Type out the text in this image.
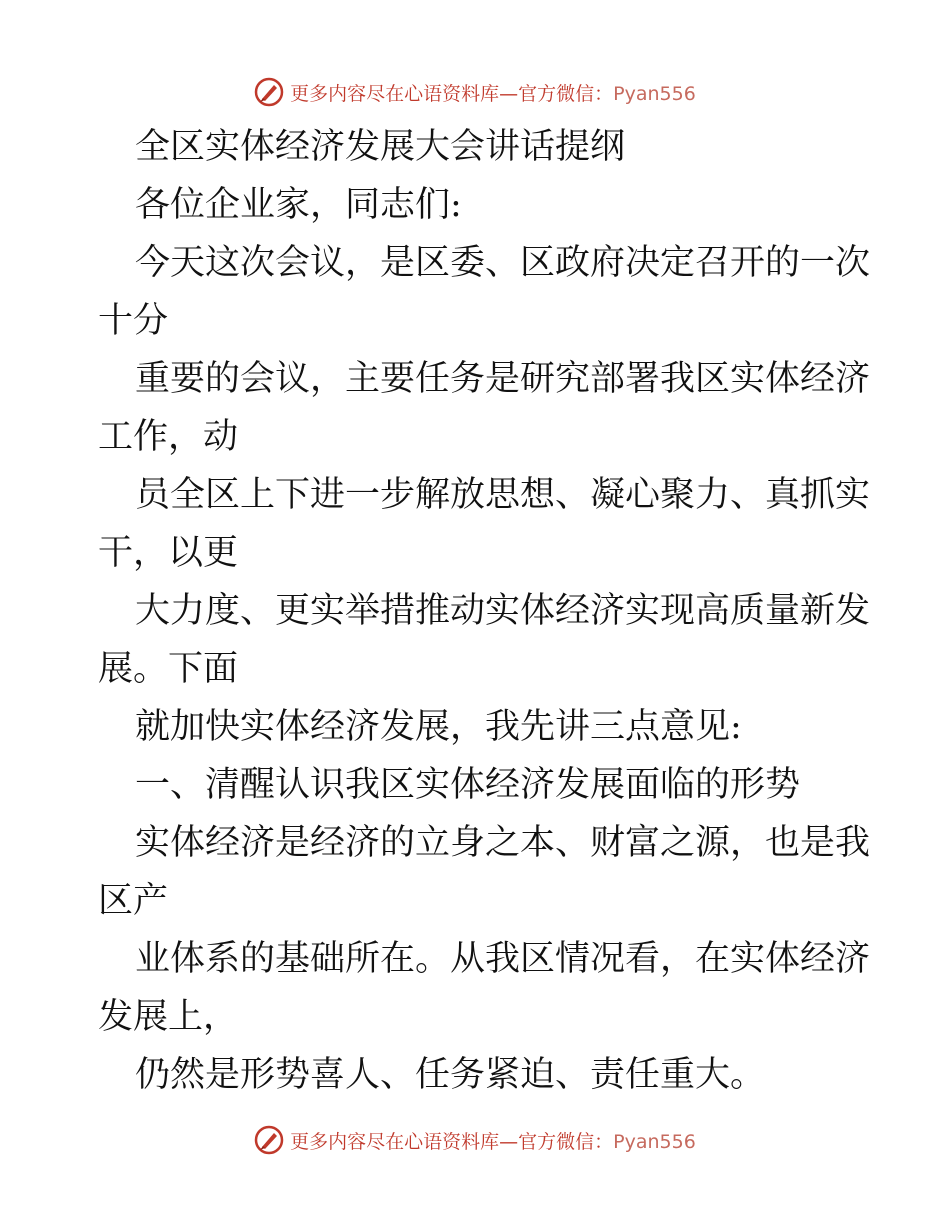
更多内容尽在心语资料库—官方微信：Pyan556
全区实体经济发展大会讲话提纲
各位企业家，同志们:
今天这次会议，是区委、区政府决定召开的一次
十分
重要的会议，主要任务是研究部署我区实体经济
工作，动
员全区上下进一步解放思想、凝心聚力、真抓实
干，以更
大力度、更实举措推动实体经济实现高质量新发
展。下面
就加快实体经济发展，我先讲三点意见:
一、清醒认识我区实体经济发展面临的形势
实体经济是经济的立身之本、财富之源，也是我
区产
业体系的基础所在。从我区情况看，在实体经济
发展上，
仍然是形势喜人、任务紧迫、责任重大。
更多内容尽在心语资料库—官方微信：Pyan556
